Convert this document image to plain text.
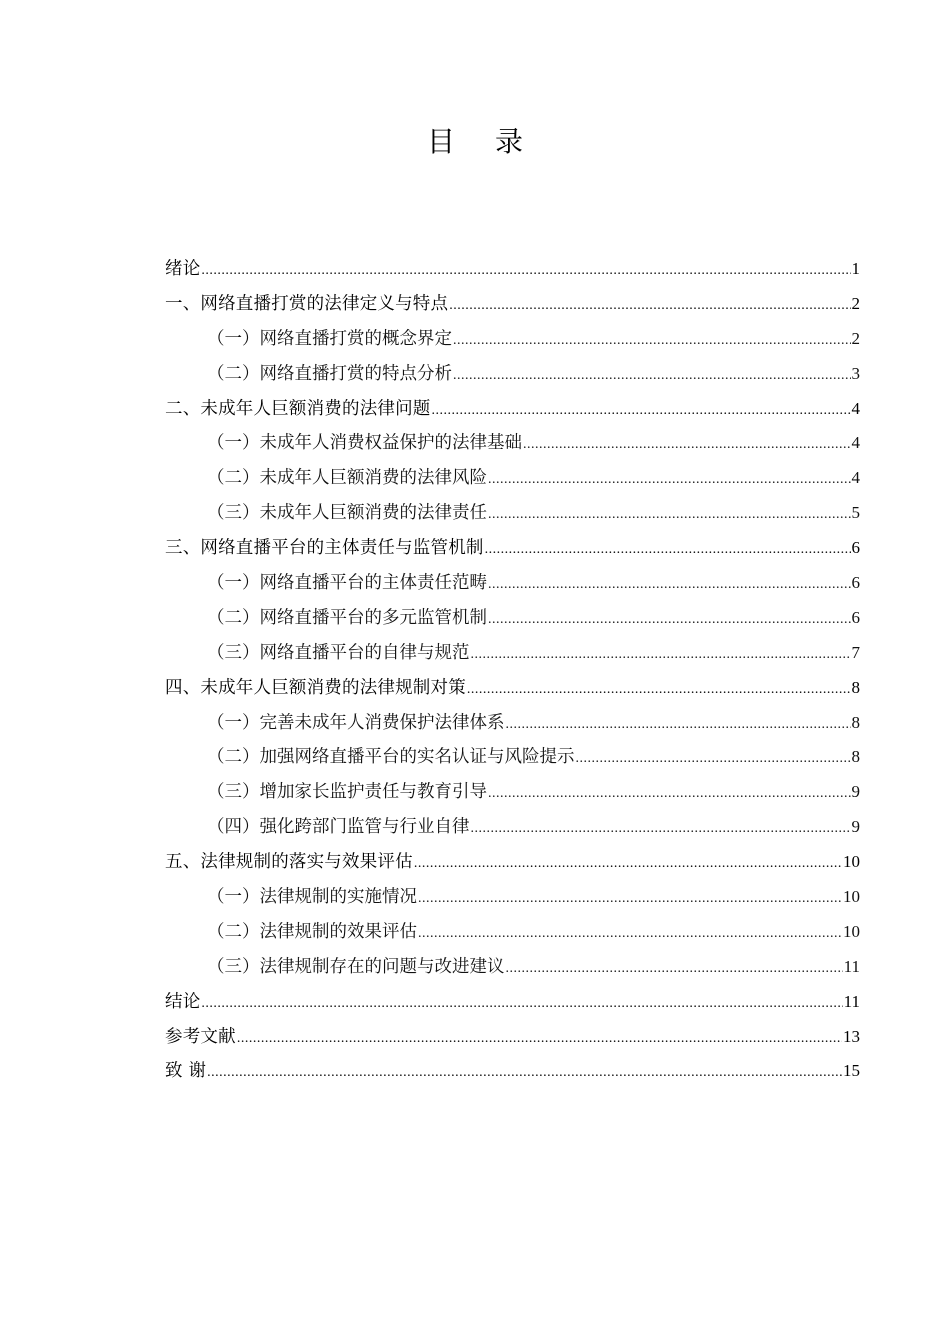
目录
绪论 .....	1
一、网络直播打赏的法律定义与特点 .....	2
（一）网络直播打赏的概念界定 .....	2
（二）网络直播打赏的特点分析 .....	3
二、未成年人巨额消费的法律问题 .....	4
（一）未成年人消费权益保护的法律基础 .....	4
（二）未成年人巨额消费的法律风险 .....	4
（三）未成年人巨额消费的法律责任 .....	5
三、网络直播平台的主体责任与监管机制 .....	6
（一）网络直播平台的主体责任范畴 .....	6
（二）网络直播平台的多元监管机制 .....	6
（三）网络直播平台的自律与规范 .....	7
四、未成年人巨额消费的法律规制对策 .....	8
（一）完善未成年人消费保护法律体系 .....	8
（二）加强网络直播平台的实名认证与风险提示 .....	8
（三）增加家长监护责任与教育引导 .....	9
（四）强化跨部门监管与行业自律 .....	9
五、法律规制的落实与效果评估 .....	10
（一）法律规制的实施情况 .....	10
（二）法律规制的效果评估 .....	10
（三）法律规制存在的问题与改进建议 .....	11
结论 .....	11
参考文献 .....	13
致 谢 .....	15
